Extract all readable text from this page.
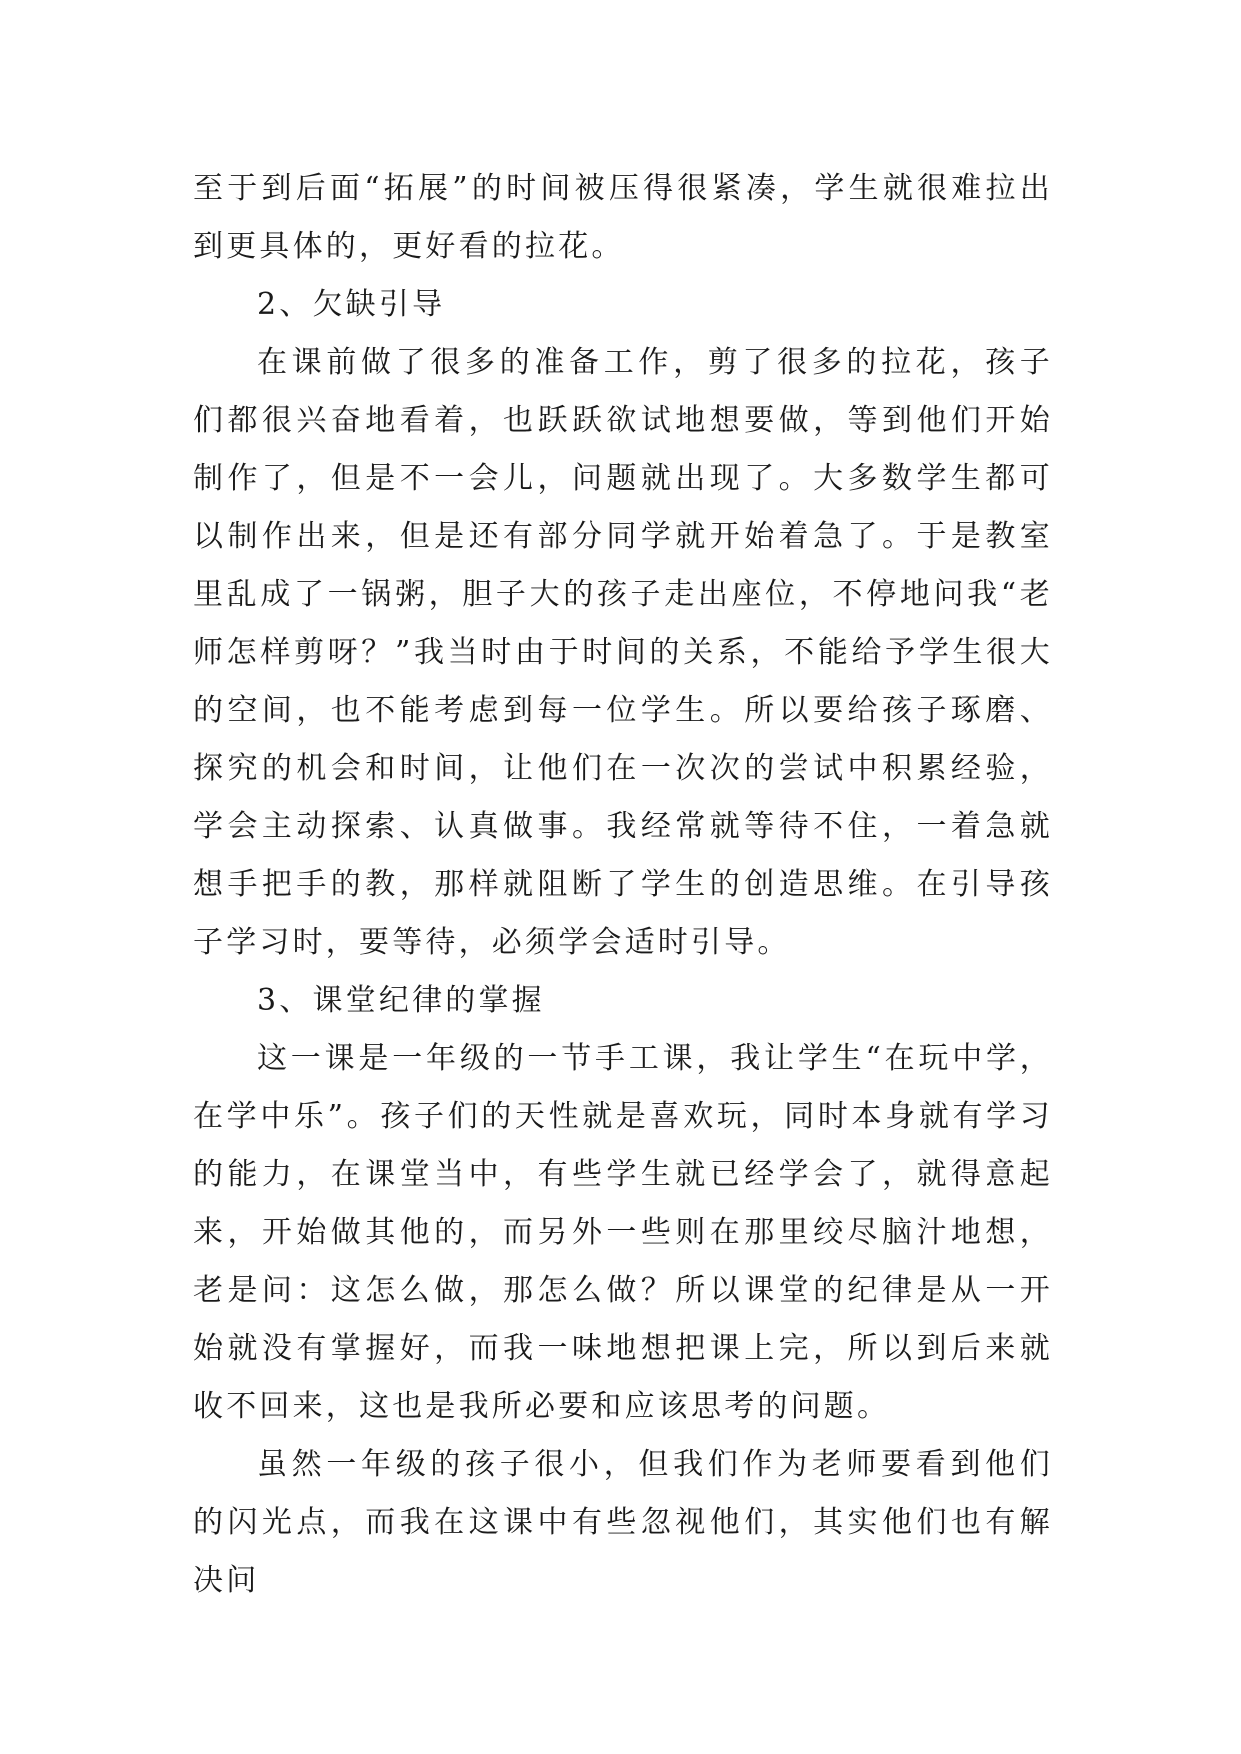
至于到后面“拓展”的时间被压得很紧凑，学生就很难拉出到更具体的，更好看的拉花。

2、欠缺引导

在课前做了很多的准备工作，剪了很多的拉花，孩子们都很兴奋地看着，也跃跃欲试地想要做，等到他们开始制作了，但是不一会儿，问题就出现了。大多数学生都可以制作出来，但是还有部分同学就开始着急了。于是教室里乱成了一锅粥，胆子大的孩子走出座位，不停地问我“老师怎样剪呀？”我当时由于时间的关系，不能给予学生很大的空间，也不能考虑到每一位学生。所以要给孩子琢磨、探究的机会和时间，让他们在一次次的尝试中积累经验，学会主动探索、认真做事。我经常就等待不住，一着急就想手把手的教，那样就阻断了学生的创造思维。在引导孩子学习时，要等待，必须学会适时引导。

3、课堂纪律的掌握

这一课是一年级的一节手工课，我让学生“在玩中学，在学中乐”。孩子们的天性就是喜欢玩，同时本身就有学习的能力，在课堂当中，有些学生就已经学会了，就得意起来，开始做其他的，而另外一些则在那里绞尽脑汁地想，老是问：这怎么做，那怎么做？所以课堂的纪律是从一开始就没有掌握好，而我一味地想把课上完，所以到后来就收不回来，这也是我所必要和应该思考的问题。

虽然一年级的孩子很小，但我们作为老师要看到他们的闪光点，而我在这课中有些忽视他们，其实他们也有解决问
